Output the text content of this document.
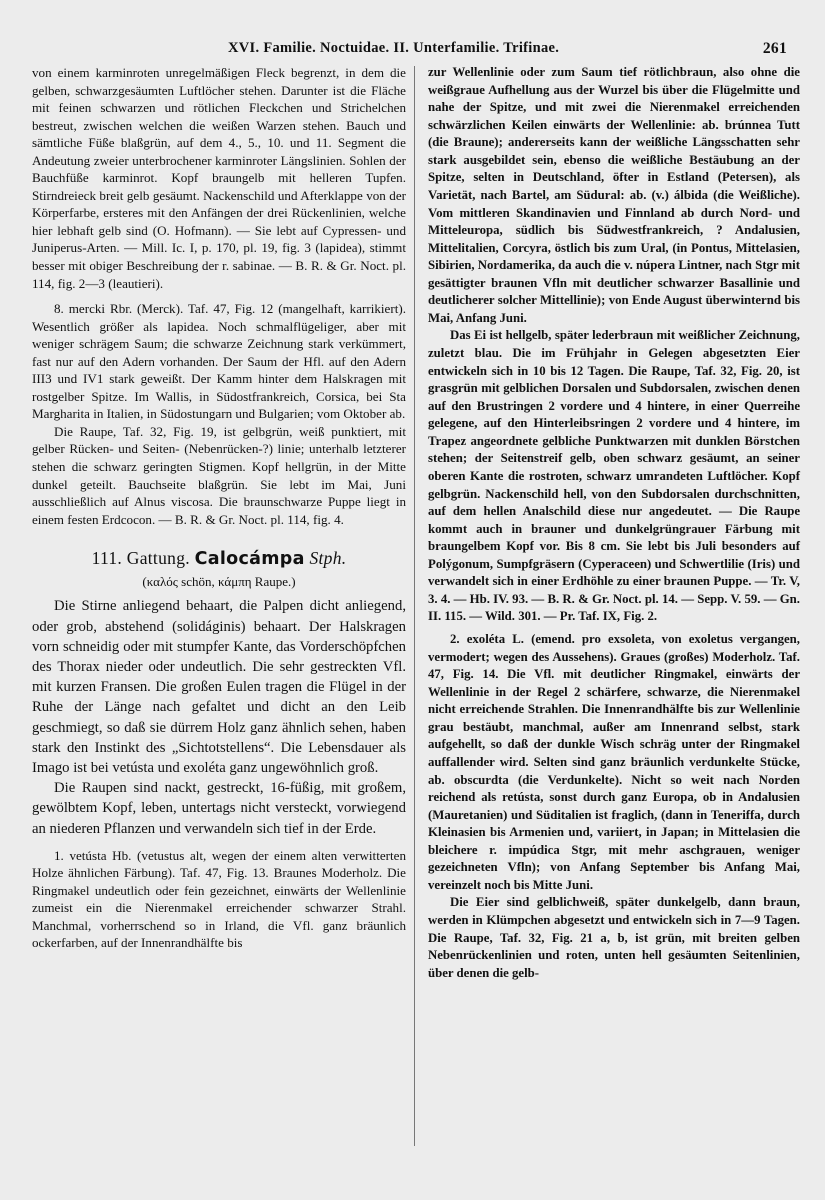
XVI. Familie. Noctuidae. II. Unterfamilie. Trifinae.	261

von einem karminroten unregelmäßigen Fleck begrenzt, in dem die gelben, schwarzgesäumten Luftlöcher stehen. Darunter ist die Fläche mit feinen schwarzen und rötlichen Fleckchen und Strichelchen bestreut, zwischen welchen die weißen Warzen stehen. Bauch und sämtliche Füße blaßgrün, auf dem 4., 5., 10. und 11. Segment die Andeutung zweier unterbrochener karminroter Längslinien. Sohlen der Bauchfüße karminrot. Kopf braungelb mit helleren Tupfen. Stirndreieck breit gelb gesäumt. Nackenschild und Afterklappe von der Körperfarbe, ersteres mit den Anfängen der drei Rückenlinien, welche hier lebhaft gelb sind (O. Hofmann). — Sie lebt auf Cypressen- und Juniperus-Arten. — Mill. Ic. I, p. 170, pl. 19, fig. 3 (lapidea), stimmt besser mit obiger Beschreibung der r. sabinae. — B. R. & Gr. Noct. pl. 114, fig. 2—3 (leautieri).

8. mercki Rbr. (Merck). Taf. 47, Fig. 12 (mangelhaft, karrikiert). Wesentlich größer als lapidea. Noch schmalflügeliger, aber mit weniger schrägem Saum; die schwarze Zeichnung stark verkümmert, fast nur auf den Adern vorhanden. Der Saum der Hfl. auf den Adern III3 und IV1 stark geweißt. Der Kamm hinter dem Halskragen mit rostgelber Spitze. Im Wallis, in Südostfrankreich, Corsica, bei Sta Margharita in Italien, in Südostungarn und Bulgarien; vom Oktober ab.

Die Raupe, Taf. 32, Fig. 19, ist gelbgrün, weiß punktiert, mit gelber Rücken- und Seiten- (Nebenrücken-?) linie; unterhalb letzterer stehen die schwarz geringten Stigmen. Kopf hellgrün, in der Mitte dunkel geteilt. Bauchseite blaßgrün. Sie lebt im Mai, Juni ausschließlich auf Alnus viscosa. Die braunschwarze Puppe liegt in einem festen Erdcocon. — B. R. & Gr. Noct. pl. 114, fig. 4.

111. Gattung. Calocámpa Stph.
(καλός schön, κάμπη Raupe.)

Die Stirne anliegend behaart, die Palpen dicht anliegend, oder grob, abstehend (solidáginis) behaart. Der Halskragen vorn schneidig oder mit stumpfer Kante, das Vorderschöpfchen des Thorax nieder oder undeutlich. Die sehr gestreckten Vfl. mit kurzen Fransen. Die großen Eulen tragen die Flügel in der Ruhe der Länge nach gefaltet und dicht an den Leib geschmiegt, so daß sie dürrem Holz ganz ähnlich sehen, haben stark den Instinkt des „Sichtotstellens“. Die Lebensdauer als Imago ist bei vetústa und exoléta ganz ungewöhnlich groß.

Die Raupen sind nackt, gestreckt, 16-füßig, mit großem, gewölbtem Kopf, leben, untertags nicht versteckt, vorwiegend an niederen Pflanzen und verwandeln sich tief in der Erde.

1. vetústa Hb. (vetustus alt, wegen der einem alten verwitterten Holze ähnlichen Färbung). Taf. 47, Fig. 13. Braunes Moderholz. Die Ringmakel undeutlich oder fein gezeichnet, einwärts der Wellenlinie zumeist ein die Nierenmakel erreichender schwarzer Strahl. Manchmal, vorherrschend so in Irland, die Vfl. ganz bräunlich ockerfarben, auf der Innenrandhälfte bis

zur Wellenlinie oder zum Saum tief rötlichbraun, also ohne die weißgraue Aufhellung aus der Wurzel bis über die Flügelmitte und nahe der Spitze, und mit zwei die Nierenmakel erreichenden schwärzlichen Keilen einwärts der Wellenlinie: ab. brúnnea Tutt (die Braune); andererseits kann der weißliche Längsschatten sehr stark ausgebildet sein, ebenso die weißliche Bestäubung an der Spitze, selten in Deutschland, öfter in Estland (Petersen), als Varietät, nach Bartel, am Südural: ab. (v.) álbida (die Weißliche). Vom mittleren Skandinavien und Finnland ab durch Nord- und Mitteleuropa, südlich bis Südwestfrankreich, ? Andalusien, Mittelitalien, Corcyra, östlich bis zum Ural, (in Pontus, Mittelasien, Sibirien, Nordamerika, da auch die v. núpera Lintner, nach Stgr mit gesättigter braunen Vfln mit deutlicher schwarzer Basallinie und deutlicherer solcher Mittellinie); von Ende August überwinternd bis Mai, Anfang Juni.

Das Ei ist hellgelb, später lederbraun mit weißlicher Zeichnung, zuletzt blau. Die im Frühjahr in Gelegen abgesetzten Eier entwickeln sich in 10 bis 12 Tagen. Die Raupe, Taf. 32, Fig. 20, ist grasgrün mit gelblichen Dorsalen und Subdorsalen, zwischen denen auf den Brustringen 2 vordere und 4 hintere, in einer Querreihe gelegene, auf den Hinterleibsringen 2 vordere und 4 hintere, im Trapez angeordnete gelbliche Punktwarzen mit dunklen Börstchen stehen; der Seitenstreif gelb, oben schwarz gesäumt, an seiner oberen Kante die rostroten, schwarz umrandeten Luftlöcher. Kopf gelbgrün. Nackenschild hell, von den Subdorsalen durchschnitten, auf dem hellen Analschild diese nur angedeutet. — Die Raupe kommt auch in brauner und dunkelgrüngrauer Färbung mit braungelbem Kopf vor. Bis 8 cm. Sie lebt bis Juli besonders auf Polýgonum, Sumpfgräsern (Cyperaceen) und Schwertlilie (Iris) und verwandelt sich in einer Erdhöhle zu einer braunen Puppe. — Tr. V, 3. 4. — Hb. IV. 93. — B. R. & Gr. Noct. pl. 14. — Sepp. V. 59. — Gn. II. 115. — Wild. 301. — Pr. Taf. IX, Fig. 2.

2. exoléta L. (emend. pro exsoleta, von exoletus vergangen, vermodert; wegen des Aussehens). Graues (großes) Moderholz. Taf. 47, Fig. 14. Die Vfl. mit deutlicher Ringmakel, einwärts der Wellenlinie in der Regel 2 schärfere, schwarze, die Nierenmakel nicht erreichende Strahlen. Die Innenrandhälfte bis zur Wellenlinie grau bestäubt, manchmal, außer am Innenrand selbst, stark aufgehellt, so daß der dunkle Wisch schräg unter der Ringmakel auffallender wird. Selten sind ganz bräunlich verdunkelte Stücke, ab. obscurdta (die Verdunkelte). Nicht so weit nach Norden reichend als retústa, sonst durch ganz Europa, ob in Andalusien (Mauretanien) und Süditalien ist fraglich, (dann in Teneriffa, durch Kleinasien bis Armenien und, variiert, in Japan; in Mittelasien die bleichere r. impúdica Stgr, mit mehr aschgrauen, weniger gezeichneten Vfln); von Anfang September bis Anfang Mai, vereinzelt noch bis Mitte Juni.

Die Eier sind gelblichweiß, später dunkelgelb, dann braun, werden in Klümpchen abgesetzt und entwickeln sich in 7—9 Tagen. Die Raupe, Taf. 32, Fig. 21 a, b, ist grün, mit breiten gelben Nebenrückenlinien und roten, unten hell gesäumten Seitenlinien, über denen die gelb-
